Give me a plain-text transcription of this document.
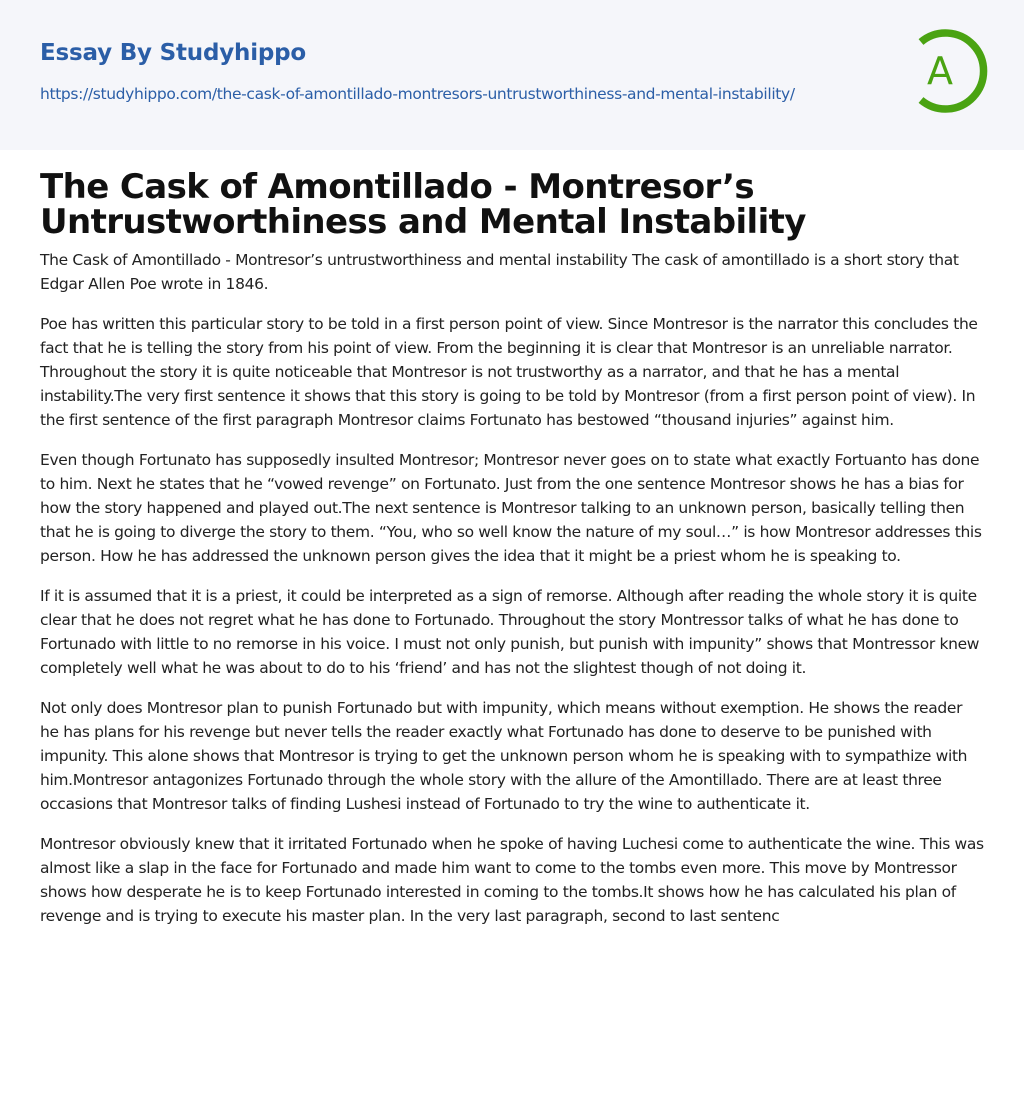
Essay By Studyhippo
https://studyhippo.com/the-cask-of-amontillado-montresors-untrustworthiness-and-mental-instability/
A
The Cask of Amontillado - Montresor’s Untrustworthiness and Mental Instability

The Cask of Amontillado - Montresor’s untrustworthiness and mental instability The cask of amontillado is a short story that Edgar Allen Poe wrote in 1846.

Poe has written this particular story to be told in a first person point of view. Since Montresor is the narrator this concludes the fact that he is telling the story from his point of view. From the beginning it is clear that Montresor is an unreliable narrator. Throughout the story it is quite noticeable that Montresor is not trustworthy as a narrator, and that he has a mental instability.The very first sentence it shows that this story is going to be told by Montresor (from a first person point of view). In the first sentence of the first paragraph Montresor claims Fortunato has bestowed “thousand injuries” against him.

Even though Fortunato has supposedly insulted Montresor; Montresor never goes on to state what exactly Fortuanto has done to him. Next he states that he “vowed revenge” on Fortunato. Just from the one sentence Montresor shows he has a bias for how the story happened and played out.The next sentence is Montresor talking to an unknown person, basically telling then that he is going to diverge the story to them. “You, who so well know the nature of my soul…” is how Montresor addresses this person. How he has addressed the unknown person gives the idea that it might be a priest whom he is speaking to.

If it is assumed that it is a priest, it could be interpreted as a sign of remorse. Although after reading the whole story it is quite clear that he does not regret what he has done to Fortunado. Throughout the story Montressor talks of what he has done to Fortunado with little to no remorse in his voice. I must not only punish, but punish with impunity” shows that Montressor knew completely well what he was about to do to his ‘friend’ and has not the slightest though of not doing it.

Not only does Montresor plan to punish Fortunado but with impunity, which means without exemption. He shows the reader he has plans for his revenge but never tells the reader exactly what Fortunado has done to deserve to be punished with impunity. This alone shows that Montresor is trying to get the unknown person whom he is speaking with to sympathize with him.Montresor antagonizes Fortunado through the whole story with the allure of the Amontillado. There are at least three occasions that Montresor talks of finding Lushesi instead of Fortunado to try the wine to authenticate it.

Montresor obviously knew that it irritated Fortunado when he spoke of having Luchesi come to authenticate the wine. This was almost like a slap in the face for Fortunado and made him want to come to the tombs even more. This move by Montressor shows how desperate he is to keep Fortunado interested in coming to the tombs.It shows how he has calculated his plan of revenge and is trying to execute his master plan. In the very last paragraph, second to last sentenc
